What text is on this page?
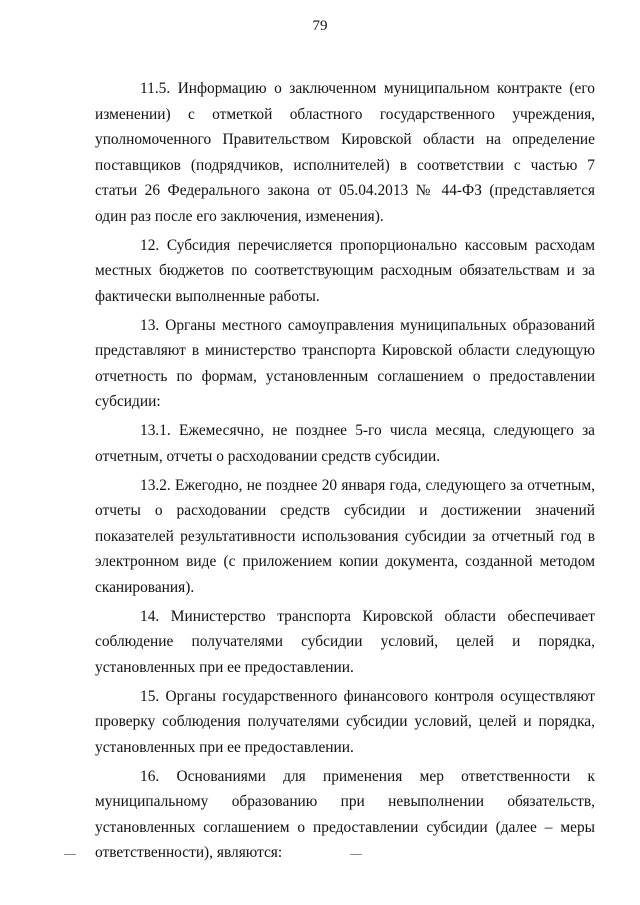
79

11.5. Информацию о заключенном муниципальном контракте (его изменении) с отметкой областного государственного учреждения, уполномоченного Правительством Кировской области на определение поставщиков (подрядчиков, исполнителей) в соответствии с частью 7 статьи 26 Федерального закона от 05.04.2013 № 44-ФЗ (представляется один раз после его заключения, изменения).

12. Субсидия перечисляется пропорционально кассовым расходам местных бюджетов по соответствующим расходным обязательствам и за фактически выполненные работы.

13. Органы местного самоуправления муниципальных образований представляют в министерство транспорта Кировской области следующую отчетность по формам, установленным соглашением о предоставлении субсидии:

13.1. Ежемесячно, не позднее 5-го числа месяца, следующего за отчетным, отчеты о расходовании средств субсидии.

13.2. Ежегодно, не позднее 20 января года, следующего за отчетным, отчеты о расходовании средств субсидии и достижении значений показателей результативности использования субсидии за отчетный год в электронном виде (с приложением копии документа, созданной методом сканирования).

14. Министерство транспорта Кировской области обеспечивает соблюдение получателями субсидии условий, целей и порядка, установленных при ее предоставлении.

15. Органы государственного финансового контроля осуществляют проверку соблюдения получателями субсидии условий, целей и порядка, установленных при ее предоставлении.

16. Основаниями для применения мер ответственности к муниципальному образованию при невыполнении обязательств, установленных соглашением о предоставлении субсидии (далее – меры ответственности), являются:
